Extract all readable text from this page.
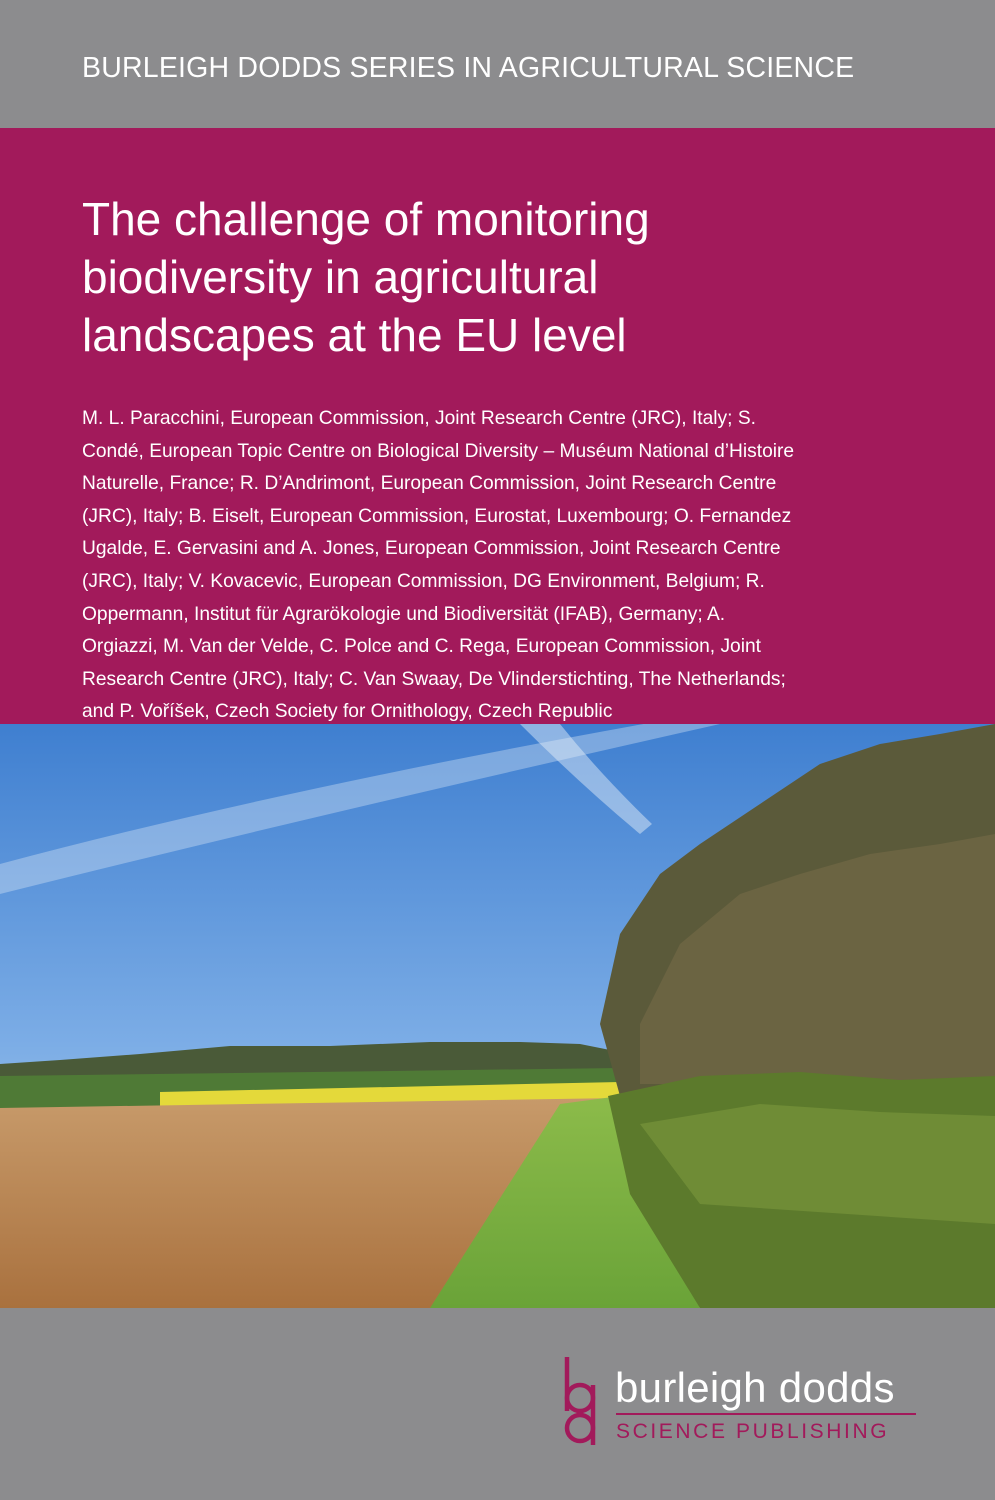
BURLEIGH DODDS SERIES IN AGRICULTURAL SCIENCE
The challenge of monitoring
biodiversity in agricultural
landscapes at the EU level
M. L. Paracchini, European Commission, Joint Research Centre (JRC), Italy; S.
Condé, European Topic Centre on Biological Diversity – Muséum National d’Histoire
Naturelle, France; R. D’Andrimont, European Commission, Joint Research Centre
(JRC), Italy; B. Eiselt, European Commission, Eurostat, Luxembourg; O. Fernandez
Ugalde, E. Gervasini and A. Jones, European Commission, Joint Research Centre
(JRC), Italy; V. Kovacevic, European Commission, DG Environment, Belgium; R.
Oppermann, Institut für Agrarökologie und Biodiversität (IFAB), Germany; A.
Orgiazzi, M. Van der Velde, C. Polce and C. Rega, European Commission, Joint
Research Centre (JRC), Italy; C. Van Swaay, De Vlinderstichting, The Netherlands;
and P. Voříšek, Czech Society for Ornithology, Czech Republic
burleigh dodds
SCIENCE PUBLISHING
